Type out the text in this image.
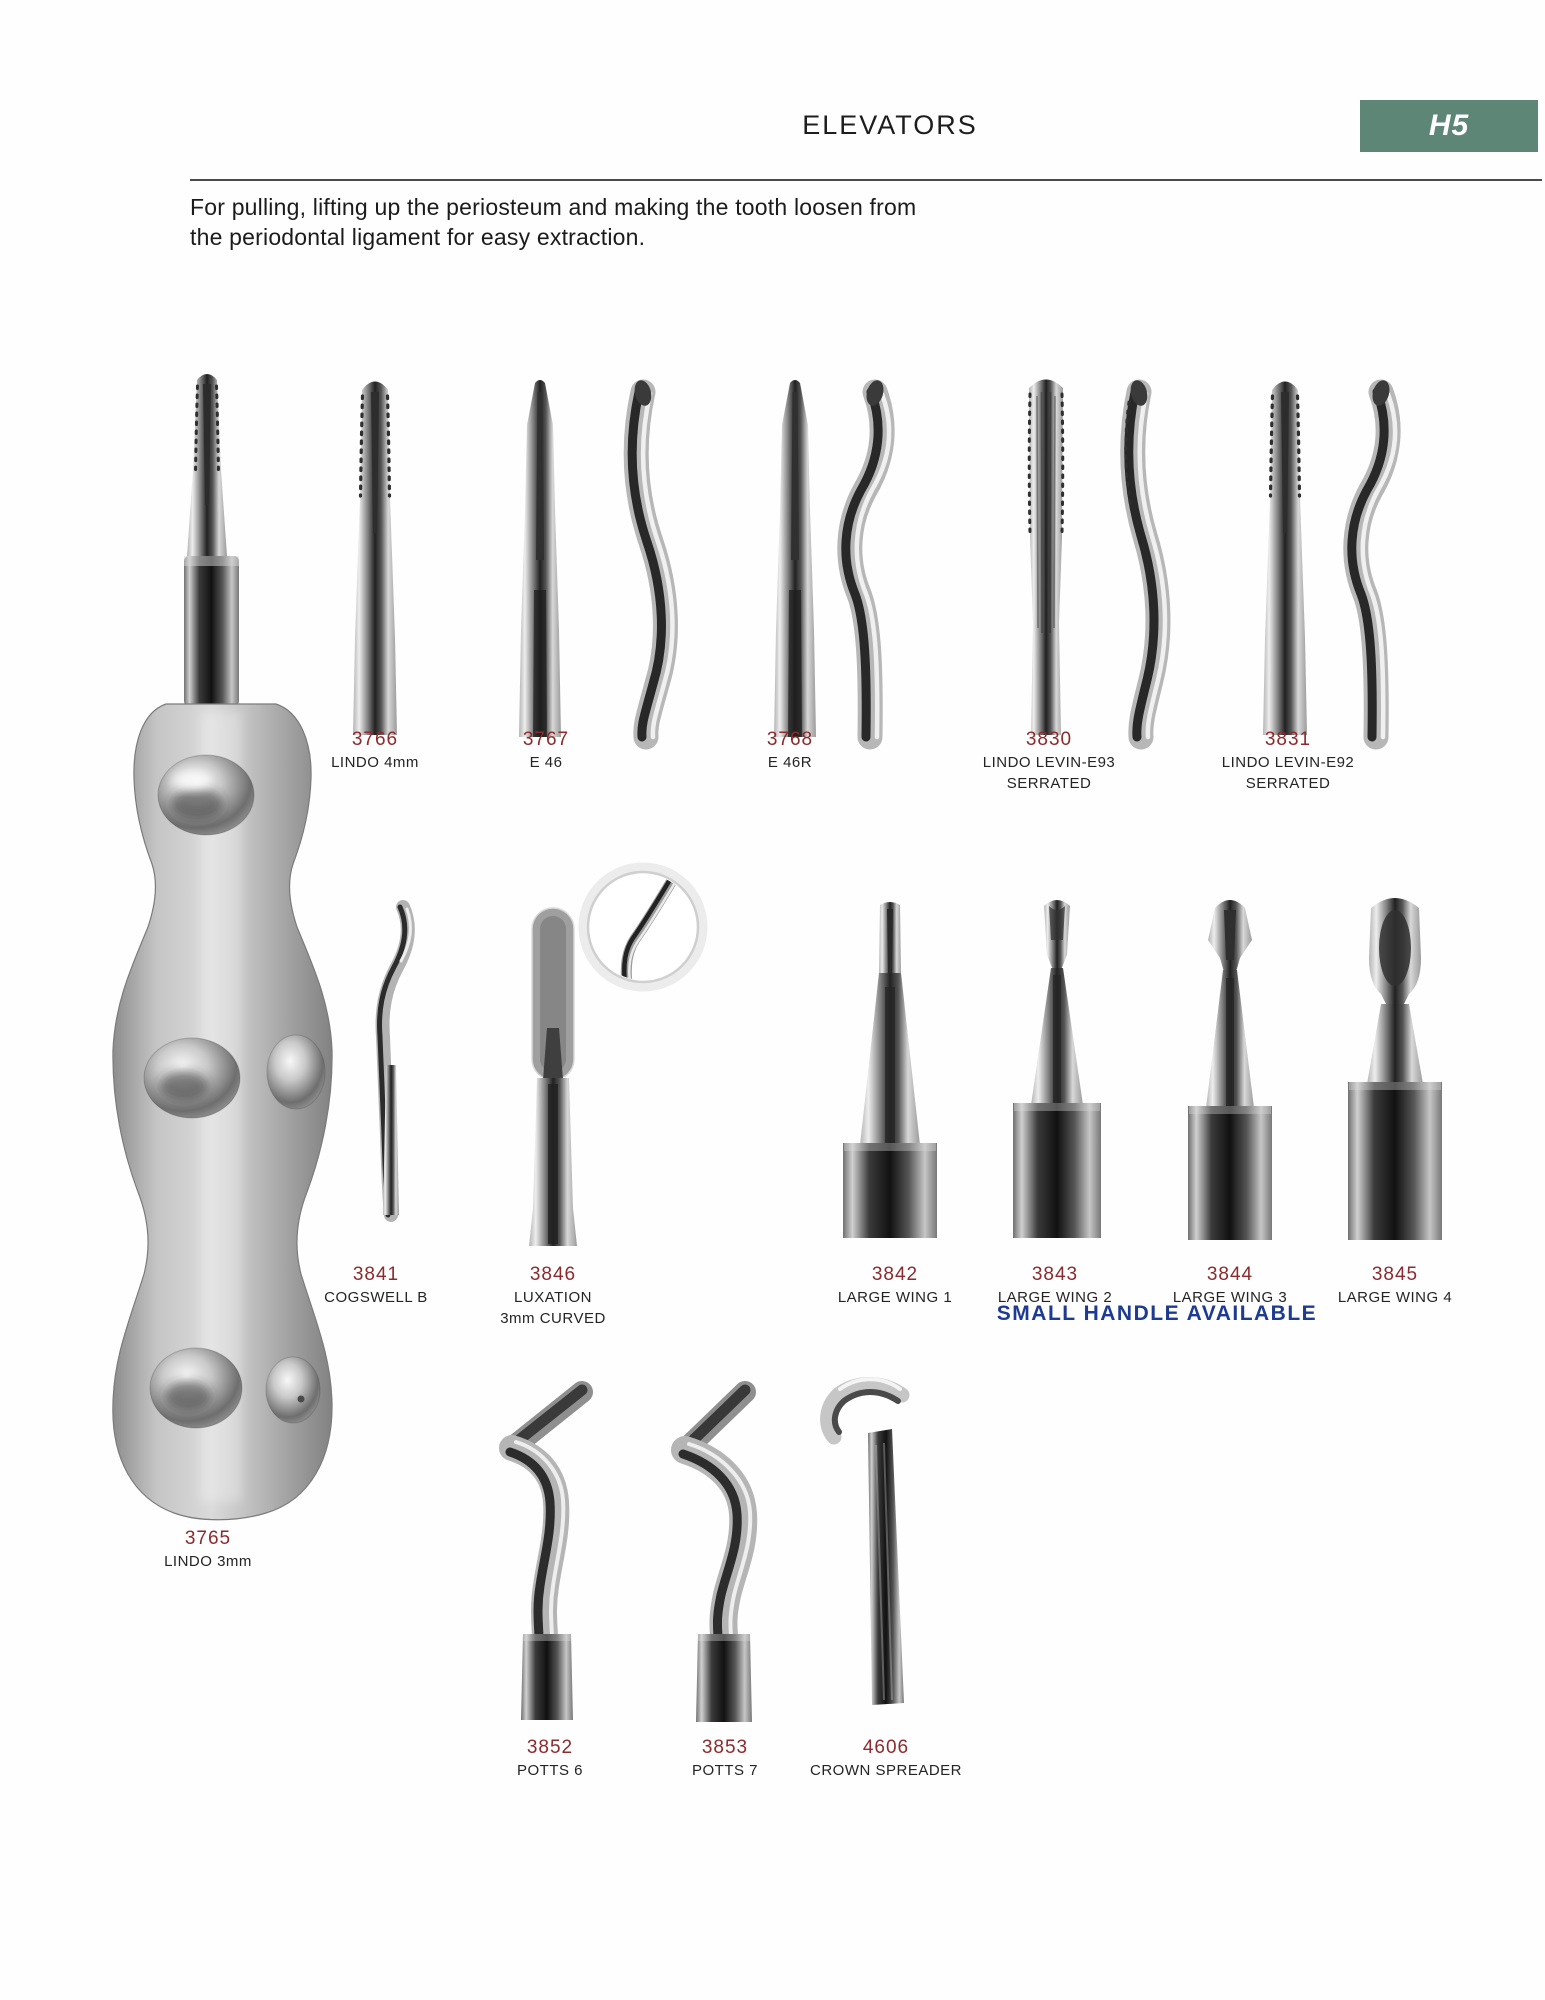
ELEVATORS	H5
For pulling, lifting up the periosteum and making the tooth loosen from
the periodontal ligament for easy extraction.
3766
LINDO 4mm
3767
E 46
3768
E 46R
3830
LINDO LEVIN-E93
SERRATED
3831
LINDO LEVIN-E92
SERRATED
3841
COGSWELL B
3846
LUXATION
3mm CURVED
3842
LARGE WING 1
3843
LARGE WING 2
3844
LARGE WING 3
3845
LARGE WING 4
SMALL HANDLE AVAILABLE
3765
LINDO 3mm
3852
POTTS 6
3853
POTTS 7
4606
CROWN SPREADER
